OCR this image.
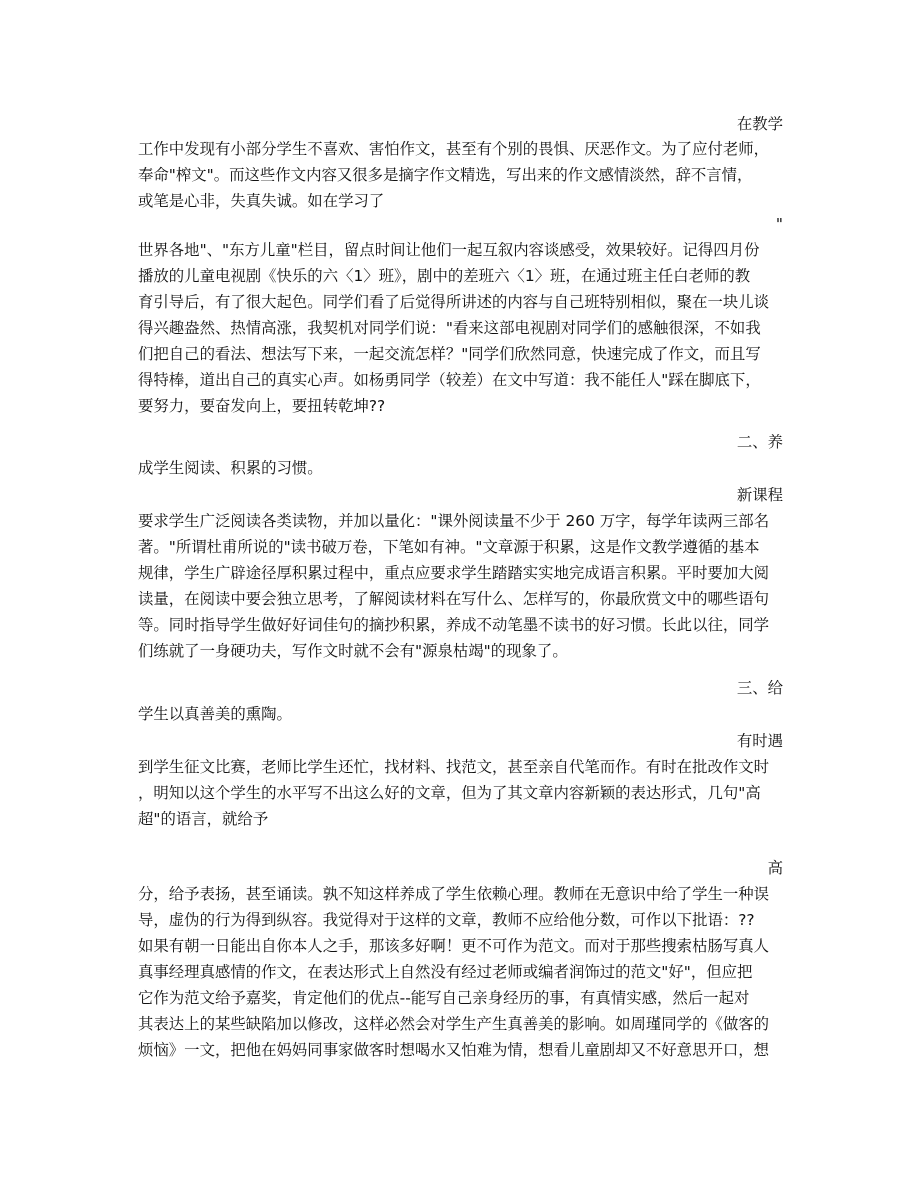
在教学
工作中发现有小部分学生不喜欢、害怕作文，甚至有个别的畏惧、厌恶作文。为了应付老师，
奉命"榨文"。而这些作文内容又很多是摘字作文精选，写出来的作文感情淡然，辞不言情，
或笔是心非，失真失诚。如在学习了
"
世界各地"、"东方儿童"栏目，留点时间让他们一起互叙内容谈感受，效果较好。记得四月份
播放的儿童电视剧《快乐的六〈1〉班》，剧中的差班六〈1〉班，在通过班主任白老师的教
育引导后，有了很大起色。同学们看了后觉得所讲述的内容与自己班特别相似，聚在一块儿谈
得兴趣盎然、热情高涨，我契机对同学们说："看来这部电视剧对同学们的感触很深，不如我
们把自己的看法、想法写下来，一起交流怎样？"同学们欣然同意，快速完成了作文，而且写
得特棒，道出自己的真实心声。如杨勇同学（较差）在文中写道：我不能任人"踩在脚底下，
要努力，要奋发向上，要扭转乾坤??
二、养
成学生阅读、积累的习惯。
新课程
要求学生广泛阅读各类读物，并加以量化："课外阅读量不少于 260 万字，每学年读两三部名
著。"所谓杜甫所说的"读书破万卷，下笔如有神。"文章源于积累，这是作文教学遵循的基本
规律，学生广辟途径厚积累过程中，重点应要求学生踏踏实实地完成语言积累。平时要加大阅
读量，在阅读中要会独立思考，了解阅读材料在写什么、怎样写的，你最欣赏文中的哪些语句
等。同时指导学生做好好词佳句的摘抄积累，养成不动笔墨不读书的好习惯。长此以往，同学
们练就了一身硬功夫，写作文时就不会有"源泉枯竭"的现象了。
三、给
学生以真善美的熏陶。
有时遇
到学生征文比赛，老师比学生还忙，找材料、找范文，甚至亲自代笔而作。有时在批改作文时
，明知以这个学生的水平写不出这么好的文章，但为了其文章内容新颖的表达形式，几句"高
超"的语言，就给予
高
分，给予表扬，甚至诵读。孰不知这样养成了学生依赖心理。教师在无意识中给了学生一种误
导，虚伪的行为得到纵容。我觉得对于这样的文章，教师不应给他分数，可作以下批语：??
如果有朝一日能出自你本人之手，那该多好啊！更不可作为范文。而对于那些搜索枯肠写真人
真事经理真感情的作文，在表达形式上自然没有经过老师或编者润饰过的范文"好"，但应把
它作为范文给予嘉奖，肯定他们的优点--能写自己亲身经历的事，有真情实感，然后一起对
其表达上的某些缺陷加以修改，这样必然会对学生产生真善美的影响。如周瑾同学的《做客的
烦恼》一文，把他在妈妈同事家做客时想喝水又怕难为情，想看儿童剧却又不好意思开口，想
